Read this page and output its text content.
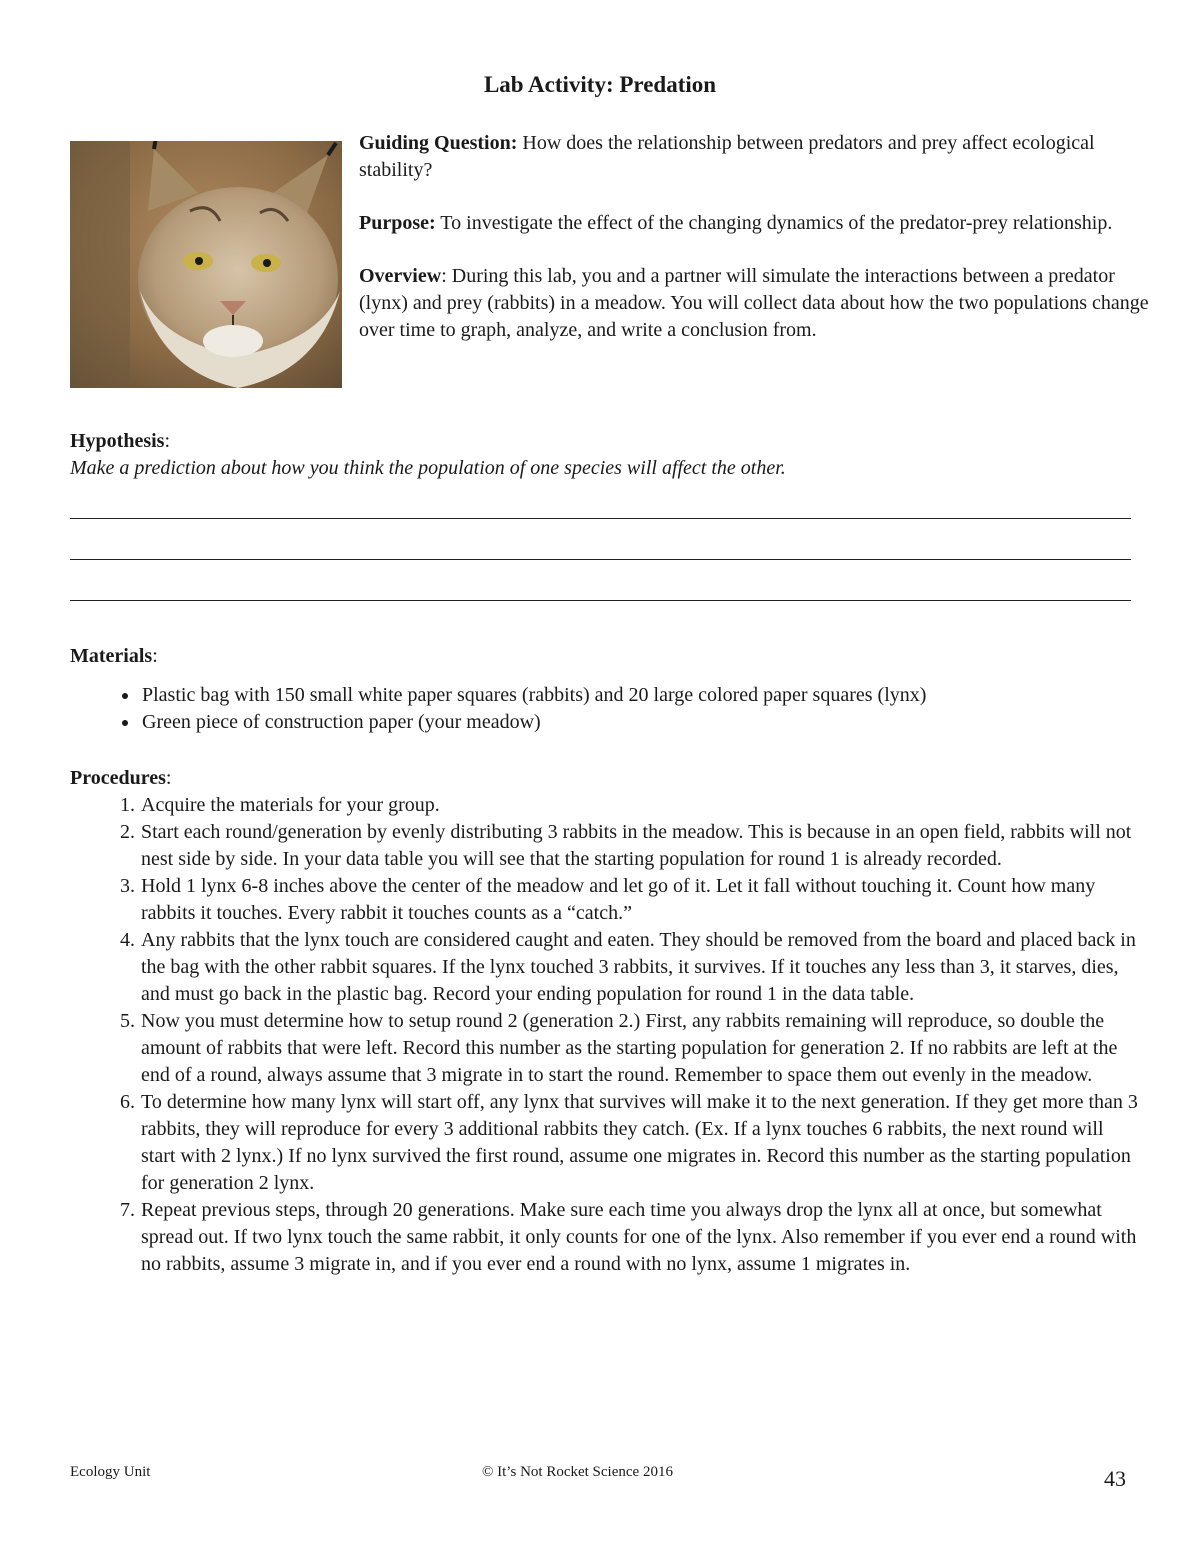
Lab Activity: Predation

Guiding Question: How does the relationship between predators and prey affect ecological stability?

Purpose: To investigate the effect of the changing dynamics of the predator-prey relationship.

Overview: During this lab, you and a partner will simulate the interactions between a predator (lynx) and prey (rabbits) in a meadow. You will collect data about how the two populations change over time to graph, analyze, and write a conclusion from.

Hypothesis:
Make a prediction about how you think the population of one species will affect the other.
Materials:
• Plastic bag with 150 small white paper squares (rabbits) and 20 large colored paper squares (lynx)
• Green piece of construction paper (your meadow)
Procedures:
1. Acquire the materials for your group.
2. Start each round/generation by evenly distributing 3 rabbits in the meadow. This is because in an open field, rabbits will not nest side by side. In your data table you will see that the starting population for round 1 is already recorded.
3. Hold 1 lynx 6-8 inches above the center of the meadow and let go of it. Let it fall without touching it. Count how many rabbits it touches. Every rabbit it touches counts as a “catch.”
4. Any rabbits that the lynx touch are considered caught and eaten. They should be removed from the board and placed back in the bag with the other rabbit squares. If the lynx touched 3 rabbits, it survives. If it touches any less than 3, it starves, dies, and must go back in the plastic bag. Record your ending population for round 1 in the data table.
5. Now you must determine how to setup round 2 (generation 2.) First, any rabbits remaining will reproduce, so double the amount of rabbits that were left. Record this number as the starting population for generation 2. If no rabbits are left at the end of a round, always assume that 3 migrate in to start the round. Remember to space them out evenly in the meadow.
6. To determine how many lynx will start off, any lynx that survives will make it to the next generation. If they get more than 3 rabbits, they will reproduce for every 3 additional rabbits they catch. (Ex. If a lynx touches 6 rabbits, the next round will start with 2 lynx.) If no lynx survived the first round, assume one migrates in. Record this number as the starting population for generation 2 lynx.
7. Repeat previous steps, through 20 generations. Make sure each time you always drop the lynx all at once, but somewhat spread out. If two lynx touch the same rabbit, it only counts for one of the lynx. Also remember if you ever end a round with no rabbits, assume 3 migrate in, and if you ever end a round with no lynx, assume 1 migrates in.
Ecology Unit	© It’s Not Rocket Science 2016	43
